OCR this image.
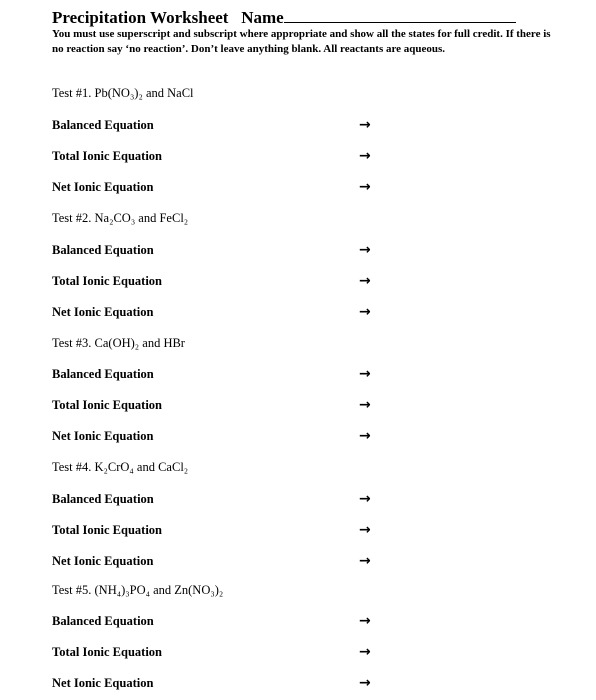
Precipitation Worksheet Name
You must use superscript and subscript where appropriate and show all the states for full credit. If there is no reaction say ‘no reaction’. Don’t leave anything blank. All reactants are aqueous.
Test #1. Pb(NO₃)₂ and NaCl
Balanced Equation	→
Total Ionic Equation	→
Net Ionic Equation	→
Test #2. Na₂CO₃ and FeCl₂
Balanced Equation	→
Total Ionic Equation	→
Net Ionic Equation	→
Test #3. Ca(OH)₂ and HBr
Balanced Equation	→
Total Ionic Equation	→
Net Ionic Equation	→
Test #4. K₂CrO₄ and CaCl₂
Balanced Equation	→
Total Ionic Equation	→
Net Ionic Equation	→
Test #5. (NH₄)₃PO₄ and Zn(NO₃)₂
Balanced Equation	→
Total Ionic Equation	→
Net Ionic Equation	→
